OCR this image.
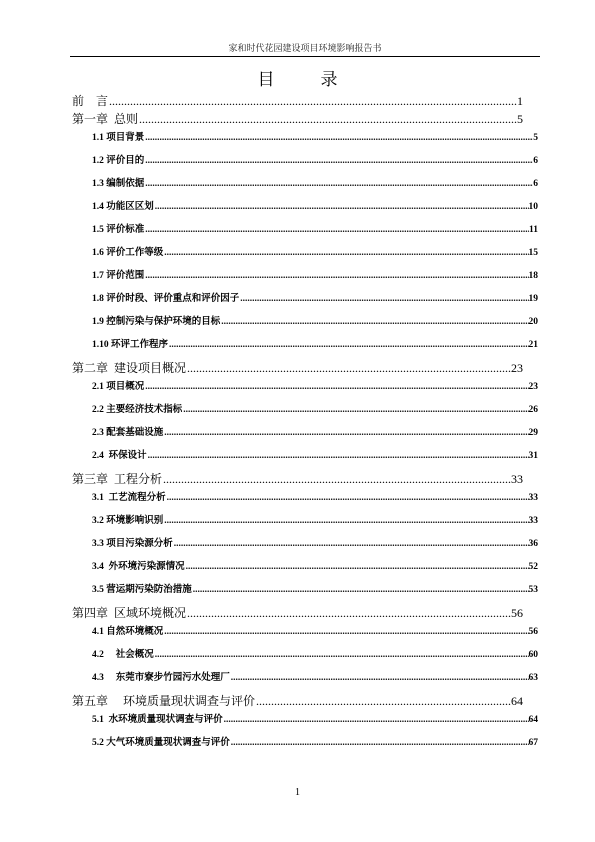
家和时代花园建设项目环境影响报告书
目　　录
前　言 .....	1
第一章  总则 .....	5
1.1 项目背景 .....	5
1.2 评价目的 .....	6
1.3 编制依据 .....	6
1.4 功能区区划 .....	10
1.5 评价标准 .....	11
1.6 评价工作等级 .....	15
1.7 评价范围 .....	18
1.8 评价时段、评价重点和评价因子 .....	19
1.9 控制污染与保护环境的目标 .....	20
1.10 环评工作程序 .....	21
第二章  建设项目概况 .....	23
2.1 项目概况 .....	23
2.2 主要经济技术指标 .....	26
2.3 配套基础设施 .....	29
2.4  环保设计 .....	31
第三章  工程分析 .....	33
3.1  工艺流程分析 .....	33
3.2 环境影响识别 .....	33
3.3 项目污染源分析 .....	36
3.4  外环境污染源情况 .....	52
3.5 营运期污染防治措施 .....	53
第四章  区域环境概况 .....	56
4.1 自然环境概况 .....	56
4.2     社会概况 .....	60
4.3     东莞市寮步竹园污水处理厂 .....	63
第五章     环境质量现状调查与评价 .....	64
5.1  水环境质量现状调查与评价 .....	64
5.2 大气环境质量现状调查与评价 .....	67
1
